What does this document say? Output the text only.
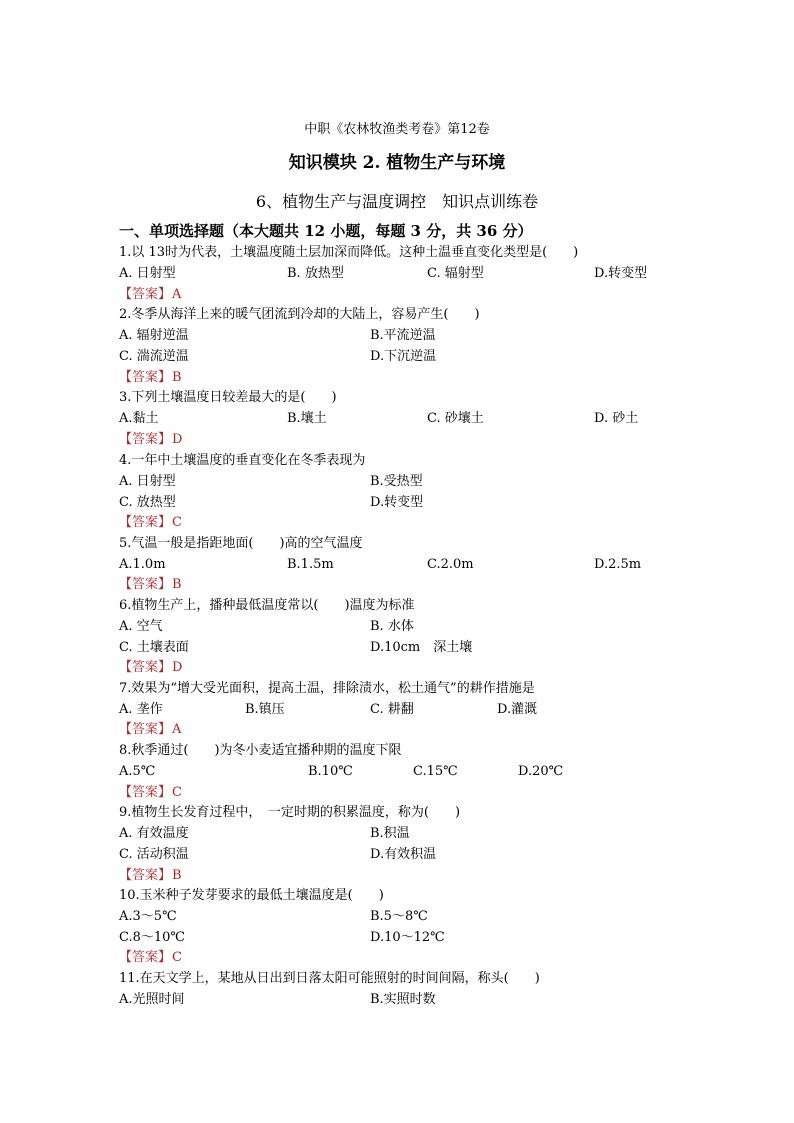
中职《农林牧渔类考卷》第12卷
知识模块 2. 植物生产与环境
6、植物生产与温度调控　知识点训练卷
一、单项选择题（本大题共 12 小题，每题 3 分，共 36 分）
1.以 13时为代表，土壤温度随土层加深而降低。这种土温垂直变化类型是(　　)
A. 日射型	B. 放热型	C. 辐射型	D.转变型
【答案】A
2.冬季从海洋上来的暖气团流到冷却的大陆上，容易产生(　　)
A. 辐射逆温	B.平流逆温
C. 湍流逆温	D.下沉逆温
【答案】B
3.下列土壤温度日较差最大的是(　　)
A.黏土	B.壤土	C. 砂壤土	D. 砂土
【答案】D
4.一年中土壤温度的垂直变化在冬季表现为
A. 日射型	B.受热型
C. 放热型	D.转变型
【答案】C
5.气温一般是指距地面(　　)高的空气温度
A.1.0m	B.1.5m	C.2.0m	D.2.5m
【答案】B
6.植物生产上，播种最低温度常以(　　)温度为标准
A. 空气	B. 水体
C. 土壤表面	D.10cm　深土壤
【答案】D
7.效果为“增大受光面积，提高土温，排除渍水，松土通气”的耕作措施是
A. 垄作	B.镇压	C. 耕翻	D.灌溉
【答案】A
8.秋季通过(　　)为冬小麦适宜播种期的温度下限
A.5℃	B.10℃	C.15℃	D.20℃
【答案】C
9.植物生长发育过程中，　一定时期的积累温度，称为(　　)
A. 有效温度	B.积温
C. 活动积温	D.有效积温
【答案】B
10.玉米种子发芽要求的最低土壤温度是(　　)
A.3～5℃	B.5～8℃
C.8～10℃	D.10～12℃
【答案】C
11.在天文学上，某地从日出到日落太阳可能照射的时间间隔，称头(　　)
A.光照时间	B.实照时数
